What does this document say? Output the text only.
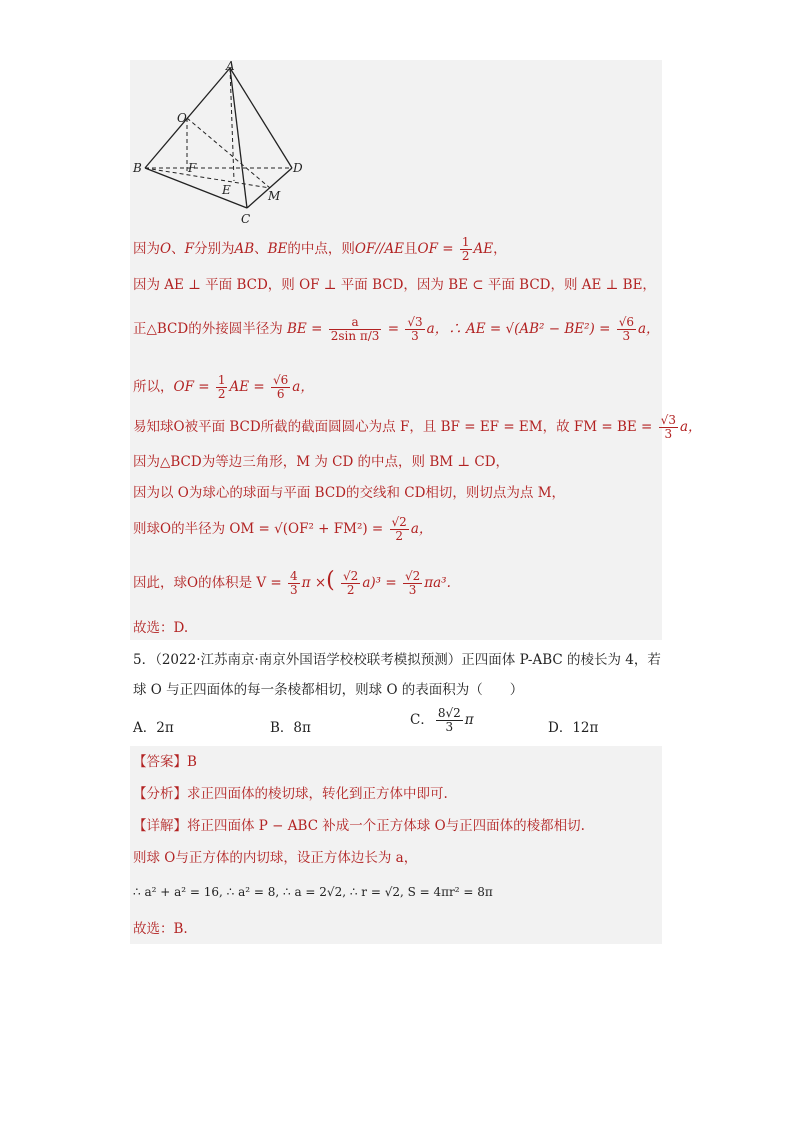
A
O
B	F	D
E	M
C
因为O、F分别为AB、BE的中点，则OF//AE且OF = $\frac{1}{2}$ AE，
因为 AE ⊥ 平面 BCD，则 OF ⊥ 平面 BCD，因为 BE ⊂ 平面 BCD，则 AE ⊥ BE，
正△BCD的外接圆半径为 BE = $\frac{a}{\text{2sin π/3}} = \frac{√3}{3}$ a，∴ AE = $√(AB^2 - BE^2) = \frac{√6}{3}$ a，
所以，OF = $\frac{1}{2}$ AE = $\frac{√6}{6}$ a，
易知球O被平面 BCD所截的截面圆圆心为点 F，且 BF = EF = EM，故 FM = BE = $\frac{√3}{3}$ a，
因为△BCD为等边三角形，M 为 CD 的中点，则 BM ⊥ CD，
因为以 O为球心的球面与平面 BCD的交线和 CD相切，则切点为点 M，
则球O的半径为 OM = $√(OF^2 + FM^2) = \frac{√2}{2}$ a，
因此，球O的体积是 $V = \frac{4}{3}$ π ×( $\frac{√2}{2} a)^3 = \frac{√2}{3} \pi a^3$.
故选：D.
5．（2022·江苏南京·南京外国语学校校联考模拟预测）正四面体 P-ABC 的棱长为 4，若
球 O 与正四面体的每一条棱都相切，则球 O 的表面积为（　　）
A．2π	B．8π	C． $\frac{8√2}{3}$ π	D．12π
【答案】B
【分析】求正四面体的棱切球，转化到正方体中即可.
【详解】将正四面体 P − ABC 补成一个正方体球 O与正四面体的棱都相切.
则球 O与正方体的内切球，设正方体边长为 a，
∴ a² + a² = 16, ∴ a² = 8, ∴ a = 2√2, ∴ r = √2, S = 4πr² = 8π
故选：B.
